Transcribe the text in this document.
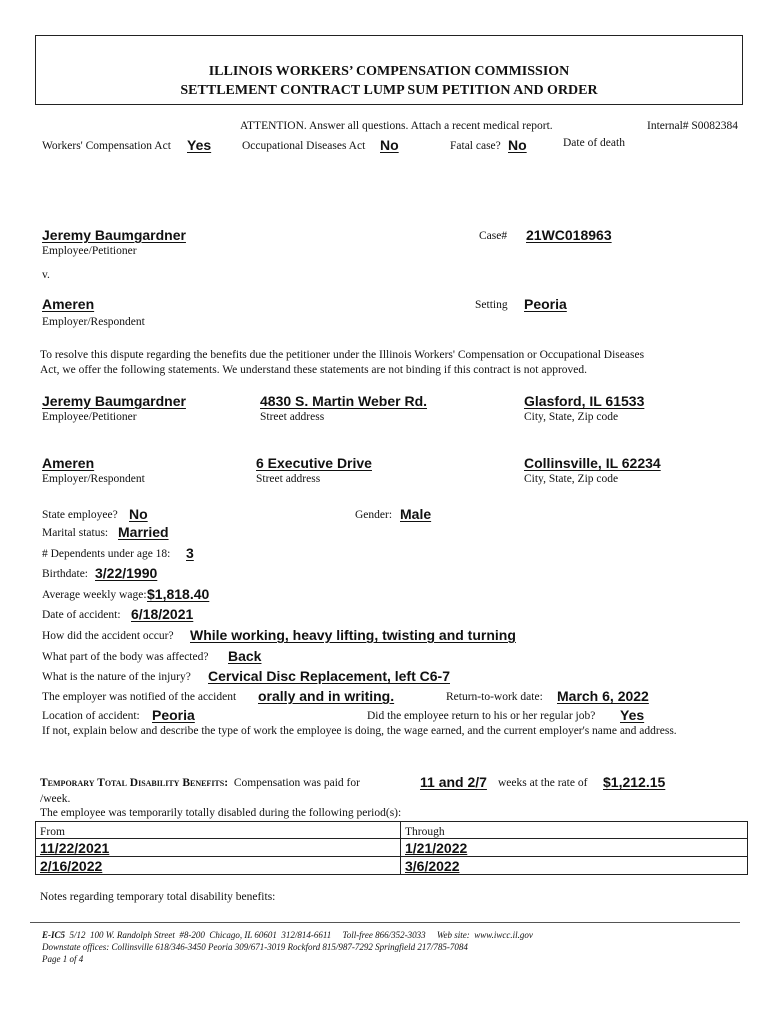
ILLINOIS WORKERS’ COMPENSATION COMMISSION
SETTLEMENT CONTRACT LUMP SUM PETITION AND ORDER
ATTENTION. Answer all questions. Attach a recent medical report.	Internal# S0082384
Workers' Compensation Act Yes	Occupational Diseases Act No	Fatal case? No	Date of death
Jeremy Baumgardner
Employee/Petitioner
Case# 21WC018963
v.
Ameren
Employer/Respondent
Setting Peoria
To resolve this dispute regarding the benefits due the petitioner under the Illinois Workers' Compensation or Occupational Diseases
Act, we offer the following statements. We understand these statements are not binding if this contract is not approved.
Jeremy Baumgardner
Employee/Petitioner
4830 S. Martin Weber Rd.
Street address
Glasford, IL 61533
City, State, Zip code
Ameren
Employer/Respondent
6 Executive Drive
Street address
Collinsville, IL 62234
City, State, Zip code
State employee? No	Gender: Male
Marital status: Married
# Dependents under age 18: 3
Birthdate: 3/22/1990
Average weekly wage: $1,818.40
Date of accident: 6/18/2021
How did the accident occur? While working, heavy lifting, twisting and turning
What part of the body was affected? Back
What is the nature of the injury? Cervical Disc Replacement, left C6-7
The employer was notified of the accident orally and in writing.	Return-to-work date: March 6, 2022
Location of accident: Peoria	Did the employee return to his or her regular job? Yes
If not, explain below and describe the type of work the employee is doing, the wage earned, and the current employer's name and address.
Temporary Total Disability Benefits: Compensation was paid for	11 and 2/7 weeks at the rate of $1,212.15
/week.
The employee was temporarily totally disabled during the following period(s):
From	Through
11/22/2021	1/21/2022
2/16/2022	3/6/2022
Notes regarding temporary total disability benefits:
E-IC5  5/12  100 W. Randolph Street  #8-200  Chicago, IL 60601  312/814-6611     Toll-free 866/352-3033     Web site:  www.iwcc.il.gov
Downstate offices: Collinsville 618/346-3450 Peoria 309/671-3019 Rockford 815/987-7292 Springfield 217/785-7084
Page 1 of 4
